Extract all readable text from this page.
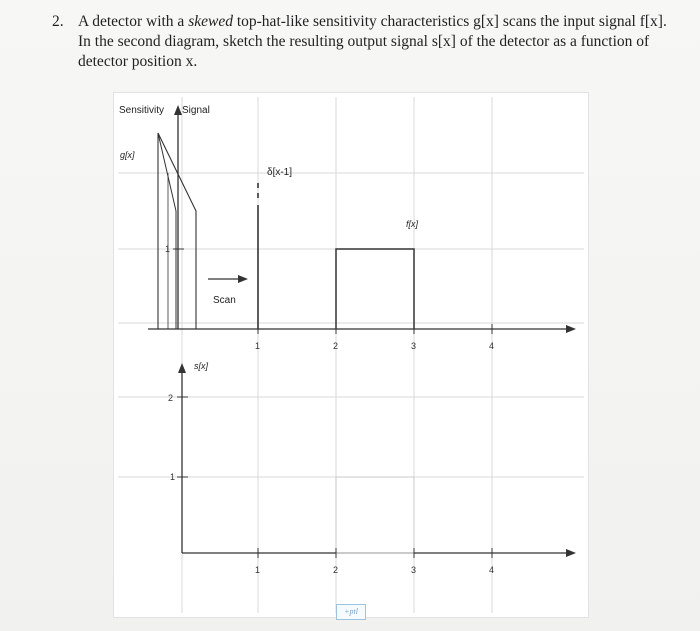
2. A detector with a skewed top-hat-like sensitivity characteristics g[x] scans the input signal f[x]. In the second diagram, sketch the resulting output signal s[x] of the detector as a function of detector position x.
Sensitivity Signal
1
g[x]
Scan
δ[x-1]
f[x]
1	2	3	4
s[x]
2
1
1	2	3	4
+ptl
